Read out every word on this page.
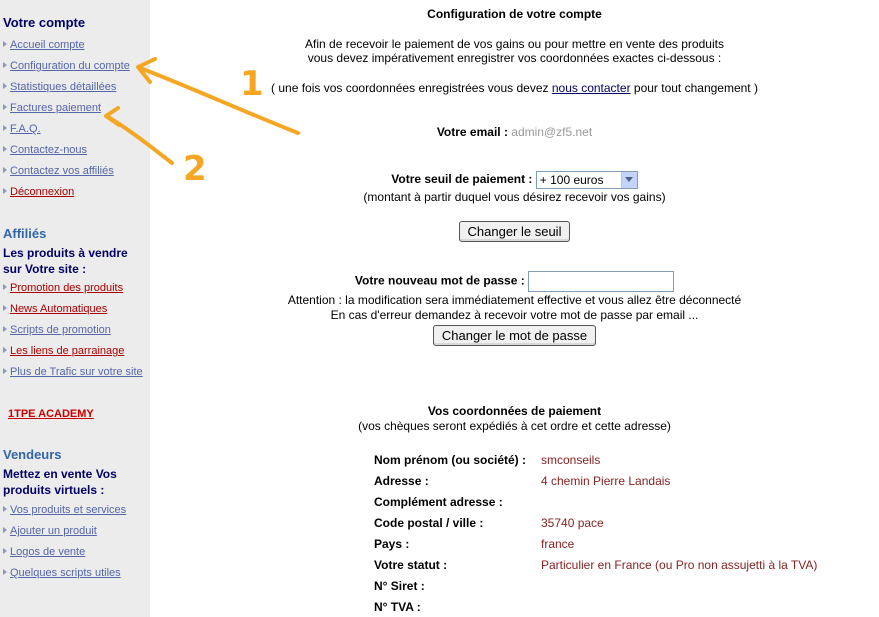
Votre compte
Accueil compte
Configuration du compte
Statistiques détaillées
Factures paiement
F.A.Q.
Contactez-nous
Contactez vos affiliés
Déconnexion
Affiliés
Les produits à vendre sur Votre site :
Promotion des produits
News Automatiques
Scripts de promotion
Les liens de parrainage
Plus de Trafic sur votre site
1TPE ACADEMY
Vendeurs
Mettez en vente Vos produits virtuels :
Vos produits et services
Ajouter un produit
Logos de vente
Quelques scripts utiles
Configuration de votre compte
Afin de recevoir le paiement de vos gains ou pour mettre en vente des produits
vous devez impérativement enregistrer vos coordonnées exactes ci-dessous :
( une fois vos coordonnées enregistrées vous devez nous contacter pour tout changement )
Votre email : admin@zf5.net
Votre seuil de paiement : + 100 euros
(montant à partir duquel vous désirez recevoir vos gains)
Changer le seuil
Votre nouveau mot de passe :
Attention : la modification sera immédiatement effective et vous allez être déconnecté
En cas d'erreur demandez à recevoir votre mot de passe par email ...
Changer le mot de passe
Vos coordonnées de paiement
(vos chèques seront expédiés à cet ordre et cette adresse)
Nom prénom (ou société) : smconseils
Adresse :	4 chemin Pierre Landais
Complément adresse :
Code postal / ville :	35740 pace
Pays :	france
Votre statut :	Particulier en France (ou Pro non assujetti à la TVA)
N° Siret :
N° TVA :
1
2
